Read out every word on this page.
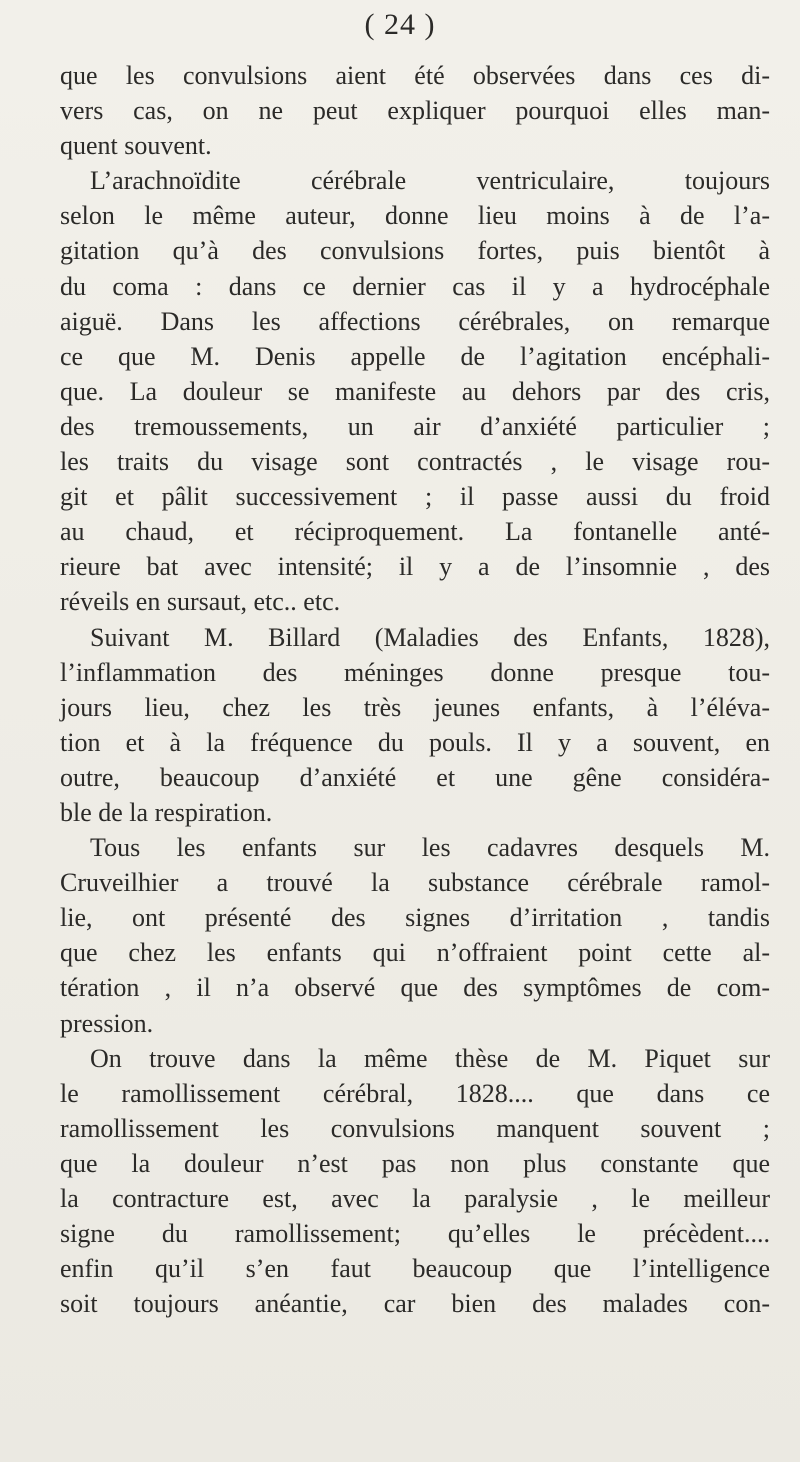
( 24 )
que les convulsions aient été observées dans ces di-
vers cas, on ne peut expliquer pourquoi elles man-
quent souvent.
L’arachnoïdite cérébrale ventriculaire, toujours
selon le même auteur, donne lieu moins à de l’a-
gitation qu’à des convulsions fortes, puis bientôt à
du coma : dans ce dernier cas il y a hydrocéphale
aiguë. Dans les affections cérébrales, on remarque
ce que M. Denis appelle de l’agitation encéphali-
que. La douleur se manifeste au dehors par des cris,
des tremoussements, un air d’anxiété particulier ;
les traits du visage sont contractés , le visage rou-
git et pâlit successivement ; il passe aussi du froid
au chaud, et réciproquement. La fontanelle anté-
rieure bat avec intensité; il y a de l’insomnie , des
réveils en sursaut, etc.. etc.
Suivant M. Billard (Maladies des Enfants, 1828),
l’inflammation des méninges donne presque tou-
jours lieu, chez les très jeunes enfants, à l’éléva-
tion et à la fréquence du pouls. Il y a souvent, en
outre, beaucoup d’anxiété et une gêne considéra-
ble de la respiration.
Tous les enfants sur les cadavres desquels M.
Cruveilhier a trouvé la substance cérébrale ramol-
lie, ont présenté des signes d’irritation , tandis
que chez les enfants qui n’offraient point cette al-
tération , il n’a observé que des symptômes de com-
pression.
On trouve dans la même thèse de M. Piquet sur
le ramollissement cérébral, 1828.... que dans ce
ramollissement les convulsions manquent souvent ;
que la douleur n’est pas non plus constante que
la contracture est, avec la paralysie , le meilleur
signe du ramollissement; qu’elles le précèdent....
enfin qu’il s’en faut beaucoup que l’intelligence
soit toujours anéantie, car bien des malades con-
